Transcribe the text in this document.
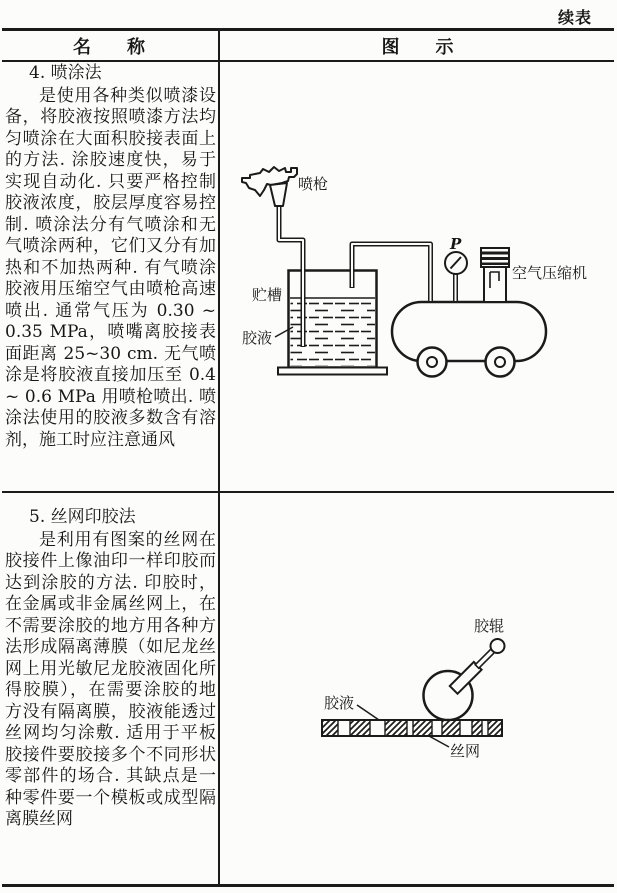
续表
名　　称	图　　示
4. 喷涂法
是使用各种类似喷漆设备，将胶液按照喷漆方法均匀喷涂在大面积胶接表面上的方法. 涂胶速度快，易于实现自动化. 只要严格控制胶液浓度，胶层厚度容易控制. 喷涂法分有气喷涂和无气喷涂两种，它们又分有加热和不加热两种. 有气喷涂胶液用压缩空气由喷枪高速喷出. 通常气压为 0.30 ~ 0.35 MPa，喷嘴离胶接表面距离 25~30 cm. 无气喷涂是将胶液直接加压至 0.4 ~ 0.6 MPa 用喷枪喷出. 喷涂法使用的胶液多数含有溶剂，施工时应注意通风
P
空气压缩机
喷枪
贮槽
胶液
5. 丝网印胶法
是利用有图案的丝网在胶接件上像油印一样印胶而达到涂胶的方法. 印胶时，在金属或非金属丝网上，在不需要涂胶的地方用各种方法形成隔离薄膜（如尼龙丝网上用光敏尼龙胶液固化所得胶膜），在需要涂胶的地方没有隔离膜，胶液能透过丝网均匀涂敷. 适用于平板胶接件要胶接多个不同形状零部件的场合. 其缺点是一种零件要一个模板或成型隔离膜丝网
胶辊
胶液
丝网
